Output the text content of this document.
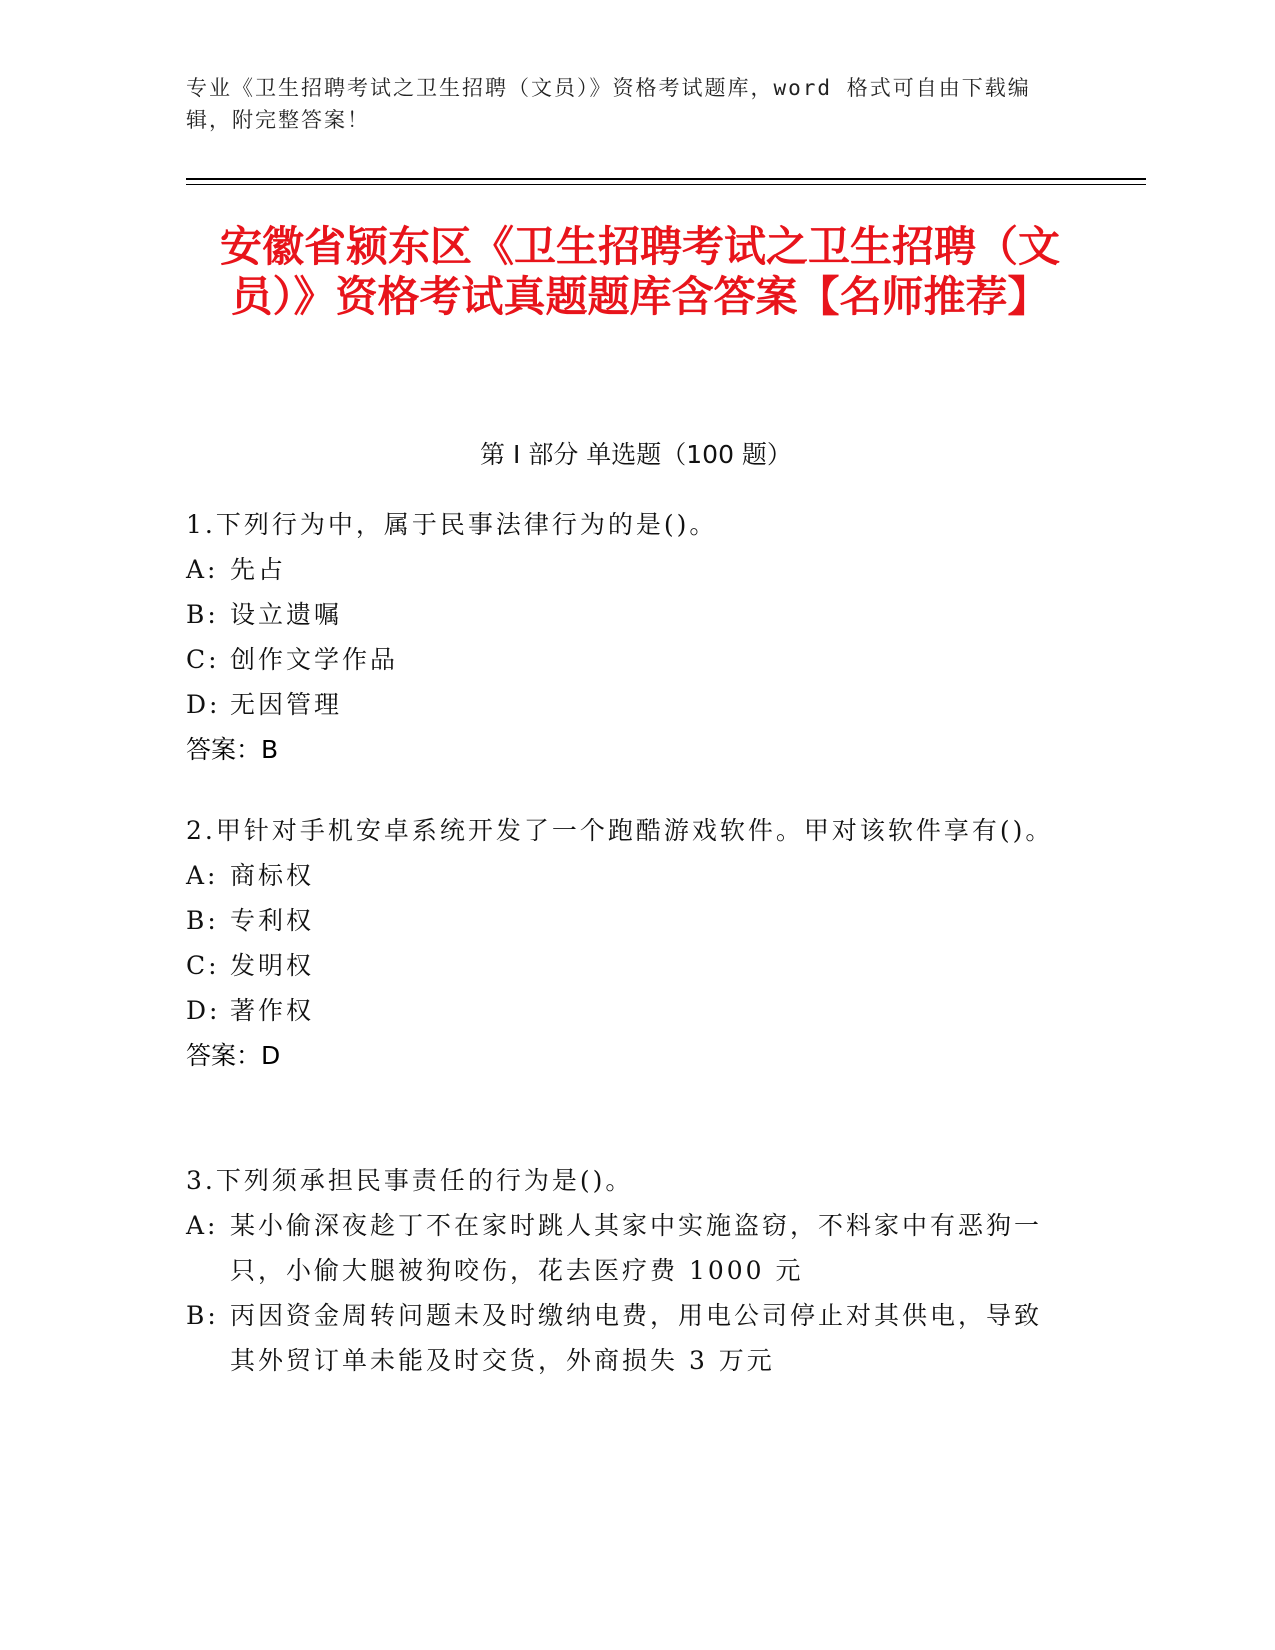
专业《卫生招聘考试之卫生招聘（文员）》资格考试题库，word 格式可自由下载编辑，附完整答案！
安徽省颍东区《卫生招聘考试之卫生招聘（文员）》资格考试真题题库含答案【名师推荐】
第 I 部分 单选题（100 题）
1.下列行为中，属于民事法律行为的是()。
A: 先占
B: 设立遗嘱
C: 创作文学作品
D: 无因管理
答案：B
2.甲针对手机安卓系统开发了一个跑酷游戏软件。甲对该软件享有()。
A: 商标权
B: 专利权
C: 发明权
D: 著作权
答案：D
3.下列须承担民事责任的行为是()。
A: 某小偷深夜趁丁不在家时跳人其家中实施盗窃，不料家中有恶狗一只，小偷大腿被狗咬伤，花去医疗费 1000 元
B: 丙因资金周转问题未及时缴纳电费，用电公司停止对其供电，导致其外贸订单未能及时交货，外商损失 3 万元
